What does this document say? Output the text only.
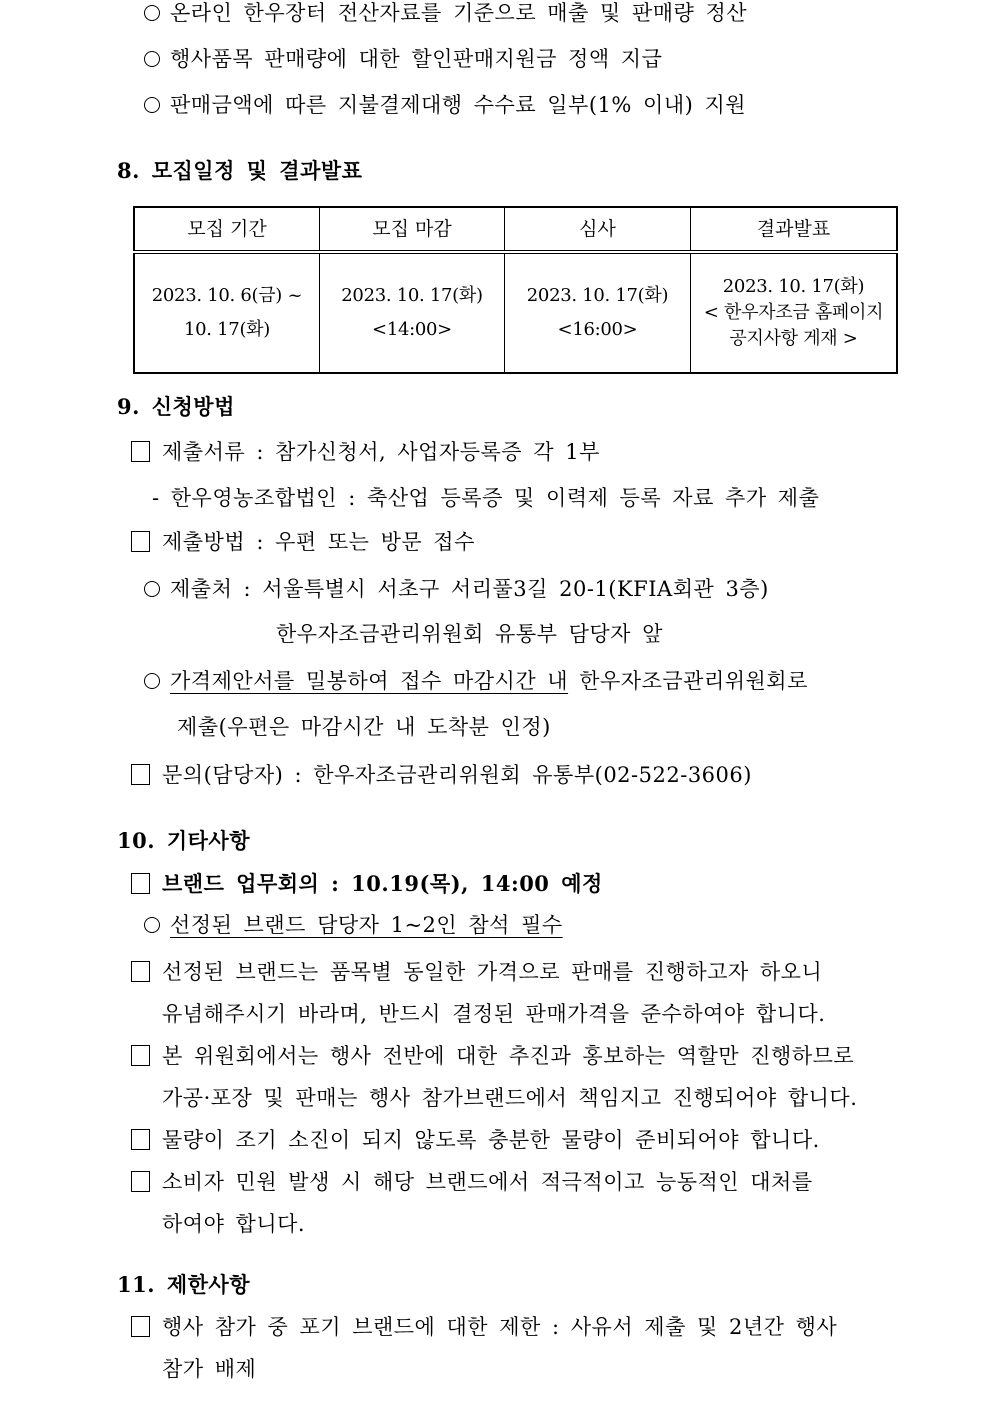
온라인 한우장터 전산자료를 기준으로 매출 및 판매량 정산
행사품목 판매량에 대한 할인판매지원금 정액 지급
판매금액에 따른 지불결제대행 수수료 일부(1% 이내) 지원
8. 모집일정 및 결과발표
모집 기간	모집 마감	심사	결과발표

2023. 10. 6(금) ~
10. 17(화)

2023. 10. 17(화)
<14:00>

2023. 10. 17(화)
<16:00>

2023. 10. 17(화)
< 한우자조금 홈페이지
공지사항 게재 >
9. 신청방법
제출서류 : 참가신청서, 사업자등록증 각 1부
- 한우영농조합법인 : 축산업 등록증 및 이력제 등록 자료 추가 제출
제출방법 : 우편 또는 방문 접수
제출처 : 서울특별시 서초구 서리풀3길 20-1(KFIA회관 3층)
한우자조금관리위원회 유통부 담당자 앞
가격제안서를 밀봉하여 접수 마감시간 내 한우자조금관리위원회로
제출(우편은 마감시간 내 도착분 인정)
문의(담당자) : 한우자조금관리위원회 유통부(02-522-3606)
10. 기타사항
브랜드 업무회의 : 10.19(목), 14:00 예정
선정된 브랜드 담당자 1~2인 참석 필수
선정된 브랜드는 품목별 동일한 가격으로 판매를 진행하고자 하오니
유념해주시기 바라며, 반드시 결정된 판매가격을 준수하여야 합니다.
본 위원회에서는 행사 전반에 대한 추진과 홍보하는 역할만 진행하므로
가공·포장 및 판매는 행사 참가브랜드에서 책임지고 진행되어야 합니다.
물량이 조기 소진이 되지 않도록 충분한 물량이 준비되어야 합니다.
소비자 민원 발생 시 해당 브랜드에서 적극적이고 능동적인 대처를
하여야 합니다.
11. 제한사항
행사 참가 중 포기 브랜드에 대한 제한 : 사유서 제출 및 2년간 행사
참가 배제
